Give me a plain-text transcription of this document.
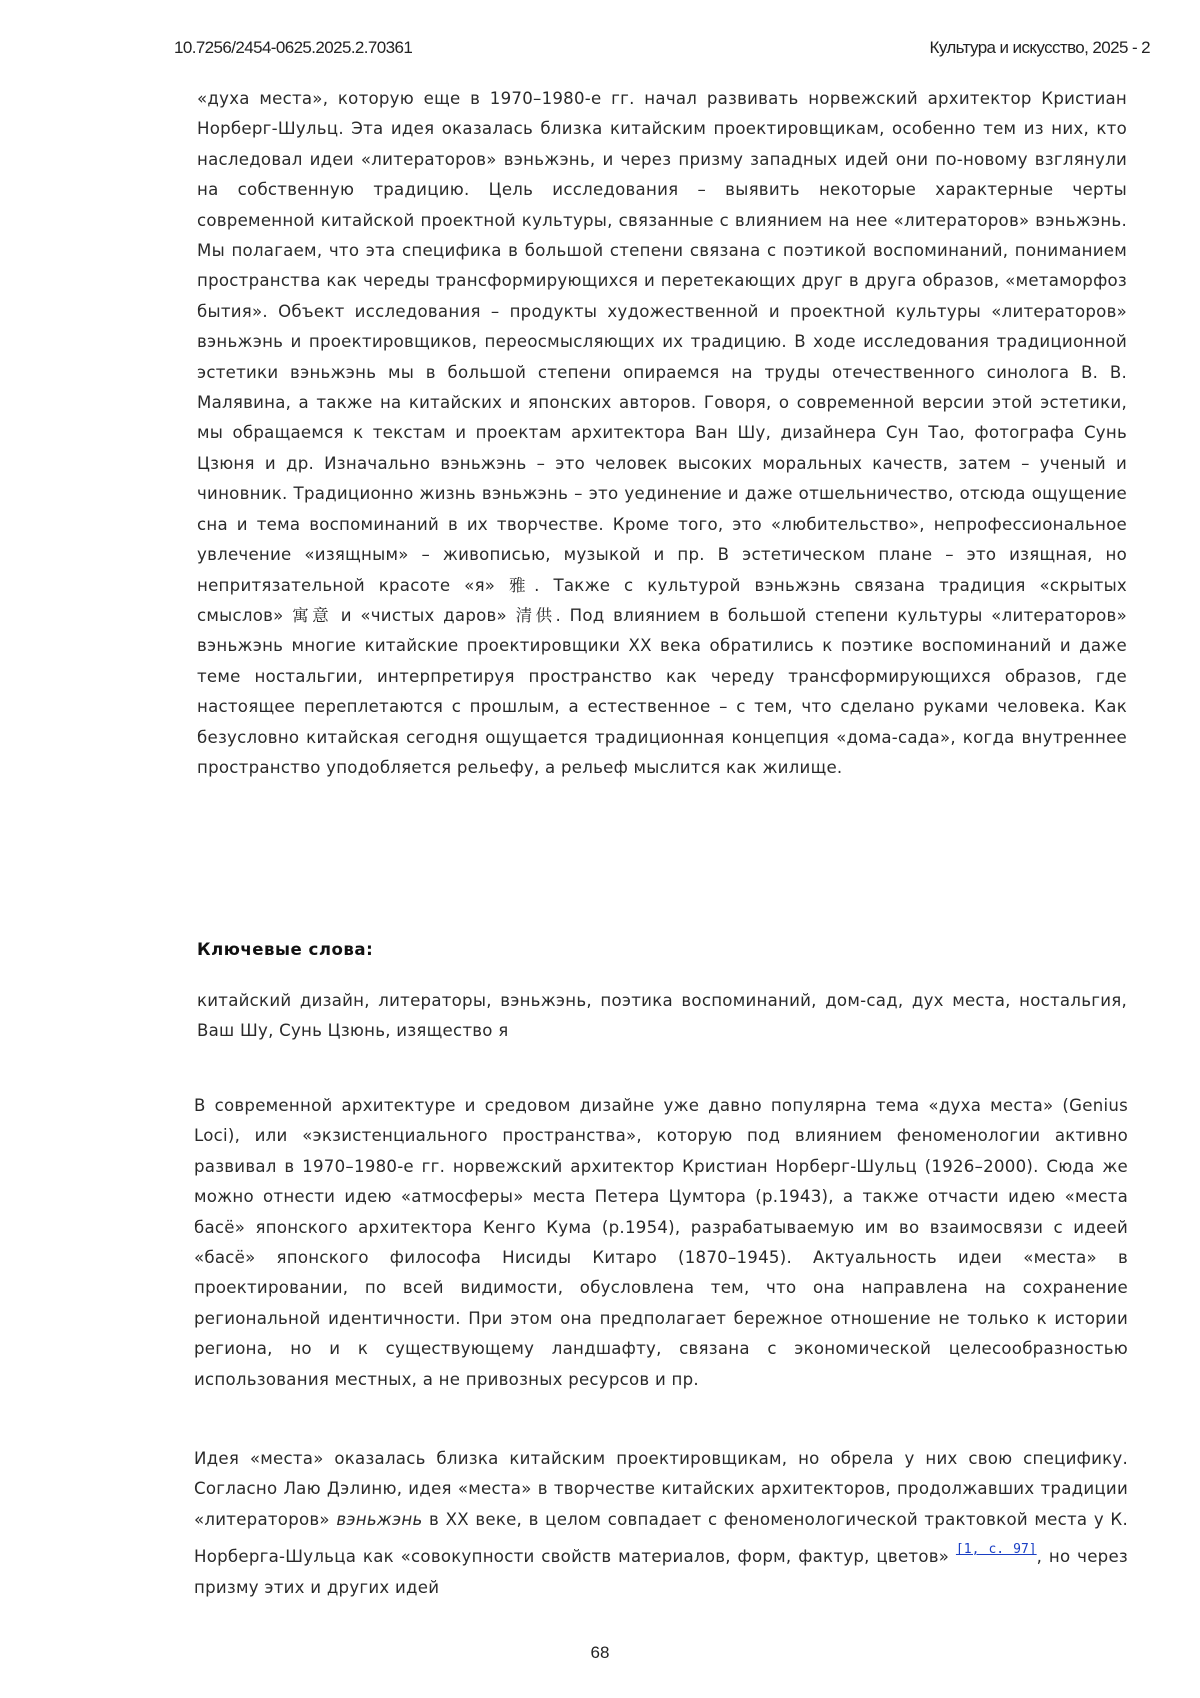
10.7256/2454-0625.2025.2.70361	Культура и искусство, 2025 - 2

«духа места», которую еще в 1970–1980-е гг. начал развивать норвежский архитектор Кристиан Норберг-Шульц. Эта идея оказалась близка китайским проектировщикам, особенно тем из них, кто наследовал идеи «литераторов» вэньжэнь, и через призму западных идей они по-новому взглянули на собственную традицию. Цель исследования – выявить некоторые характерные черты современной китайской проектной культуры, связанные с влиянием на нее «литераторов» вэньжэнь. Мы полагаем, что эта специфика в большой степени связана с поэтикой воспоминаний, пониманием пространства как череды трансформирующихся и перетекающих друг в друга образов, «метаморфоз бытия». Объект исследования – продукты художественной и проектной культуры «литераторов» вэньжэнь и проектировщиков, переосмысляющих их традицию. В ходе исследования традиционной эстетики вэньжэнь мы в большой степени опираемся на труды отечественного синолога В. В. Малявина, а также на китайских и японских авторов. Говоря, о современной версии этой эстетики, мы обращаемся к текстам и проектам архитектора Ван Шу, дизайнера Сун Тао, фотографа Сунь Цзюня и др. Изначально вэньжэнь – это человек высоких моральных качеств, затем – ученый и чиновник. Традиционно жизнь вэньжэнь – это уединение и даже отшельничество, отсюда ощущение сна и тема воспоминаний в их творчестве. Кроме того, это «любительство», непрофессиональное увлечение «изящным» – живописью, музыкой и пр. В эстетическом плане – это изящная, но непритязательной красоте «я» 雅. Также с культурой вэньжэнь связана традиция «скрытых смыслов» 寓意 и «чистых даров» 清供. Под влиянием в большой степени культуры «литераторов» вэньжэнь многие китайские проектировщики XX века обратились к поэтике воспоминаний и даже теме ностальгии, интерпретируя пространство как череду трансформирующихся образов, где настоящее переплетаются с прошлым, а естественное – с тем, что сделано руками человека. Как безусловно китайская сегодня ощущается традиционная концепция «дома-сада», когда внутреннее пространство уподобляется рельефу, а рельеф мыслится как жилище.

Ключевые слова:

китайский дизайн, литераторы, вэньжэнь, поэтика воспоминаний, дом-сад, дух места, ностальгия, Ваш Шу, Сунь Цзюнь, изящество я

В современной архитектуре и средовом дизайне уже давно популярна тема «духа места» (Genius Loci), или «экзистенциального пространства», которую под влиянием феноменологии активно развивал в 1970–1980-е гг. норвежский архитектор Кристиан Норберг-Шульц (1926–2000). Сюда же можно отнести идею «атмосферы» места Петера Цумтора (р.1943), а также отчасти идею «места басё» японского архитектора Кенго Кума (р.1954), разрабатываемую им во взаимосвязи с идеей «басё» японского философа Нисиды Китаро (1870–1945). Актуальность идеи «места» в проектировании, по всей видимости, обусловлена тем, что она направлена на сохранение региональной идентичности. При этом она предполагает бережное отношение не только к истории региона, но и к существующему ландшафту, связана с экономической целесообразностью использования местных, а не привозных ресурсов и пр.

Идея «места» оказалась близка китайским проектировщикам, но обрела у них свою специфику. Согласно Лаю Дэлиню, идея «места» в творчестве китайских архитекторов, продолжавших традиции «литераторов» вэньжэнь в XX веке, в целом совпадает с феноменологической трактовкой места у К. Норберга-Шульца как «совокупности свойств материалов, форм, фактур, цветов» [1, с. 97], но через призму этих и других идей

68
